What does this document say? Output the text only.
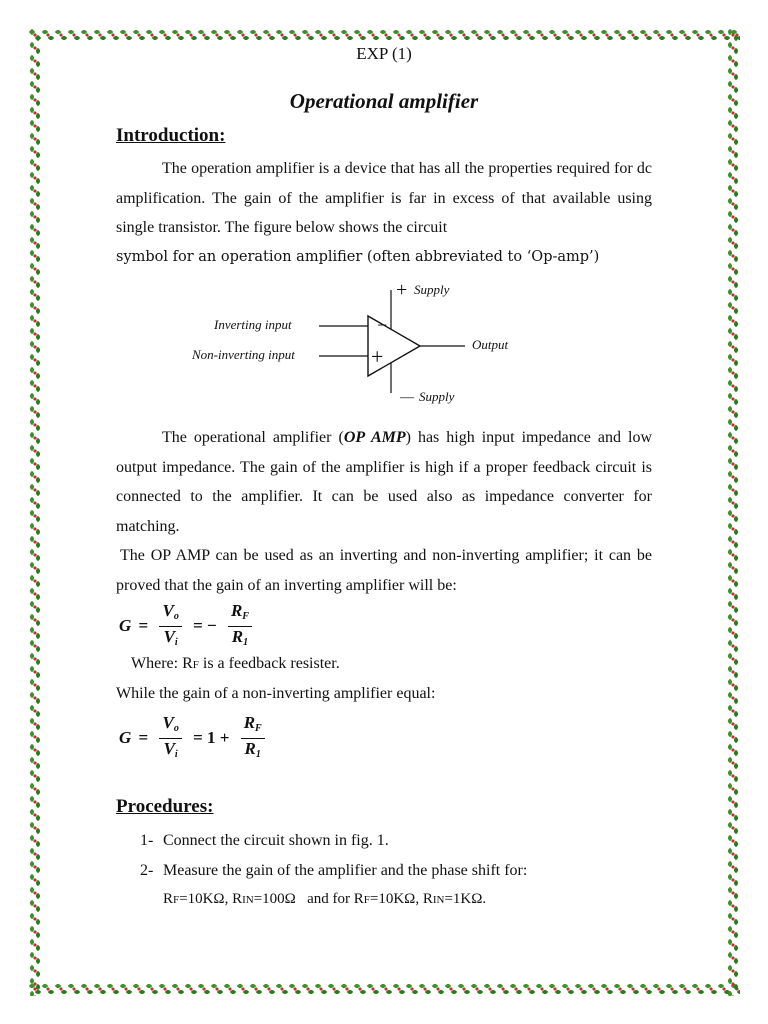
EXP (1)
Operational amplifier
Introduction:

The operation amplifier is a device that has all the properties required for dc amplification. The gain of the amplifier is far in excess of that available using single transistor. The figure below shows the circuit

symbol for an operation amplifier (often abbreviated to ‘Op-amp’)

−
+
+ Supply
Inverting input
Non-inverting input
Output
— Supply

The operational amplifier (OP AMP) has high input impedance and low output impedance. The gain of the amplifier is high if a proper feedback circuit is connected to the amplifier. It can be used also as impedance converter for matching.

The OP AMP can be used as an inverting and non-inverting amplifier; it can be proved that the gain of an inverting amplifier will be:

$G = \frac{V_o}{V_i}$ = − $\frac{R_F}{R_1}$
Where: RF is a feedback resister.
While the gain of a non-inverting amplifier equal:
$G = \frac{V_o}{V_i} = 1 + \frac{R_F}{R_1}$
Procedures:
1- Connect the circuit shown in fig. 1.
2- Measure the gain of the amplifier and the phase shift for:
RF=10KΩ, RIN=100Ω   and for RF=10KΩ, RIN=1KΩ.
